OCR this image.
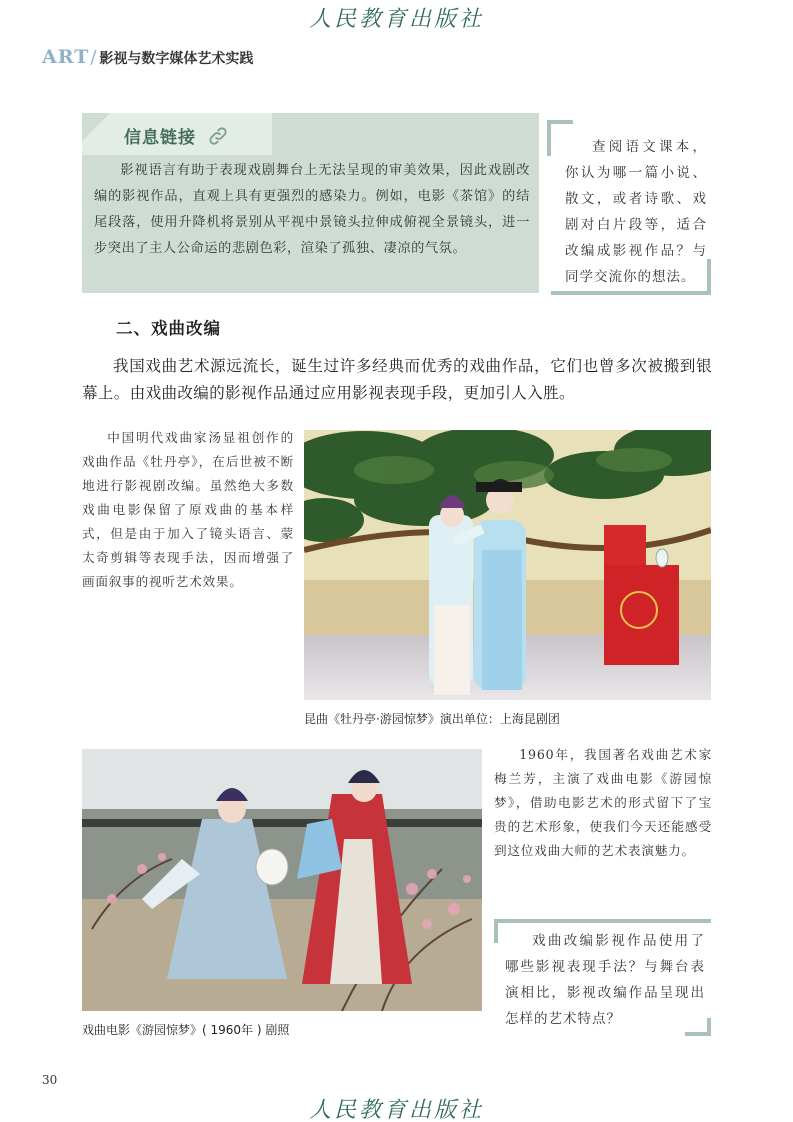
人民教育出版社
ART / 影视与数字媒体艺术实践
信息链接
影视语言有助于表现戏剧舞台上无法呈现的审美效果，因此戏剧改编的影视作品，直观上具有更强烈的感染力。例如，电影《茶馆》的结尾段落，使用升降机将景别从平视中景镜头拉伸成俯视全景镜头，进一步突出了主人公命运的悲剧色彩，渲染了孤独、凄凉的气氛。
查阅语文课本，你认为哪一篇小说、散文，或者诗歌、戏剧对白片段等，适合改编成影视作品？与同学交流你的想法。
二、戏曲改编
我国戏曲艺术源远流长，诞生过许多经典而优秀的戏曲作品，它们也曾多次被搬到银幕上。由戏曲改编的影视作品通过应用影视表现手段，更加引人入胜。
中国明代戏曲家汤显祖创作的戏曲作品《牡丹亭》，在后世被不断地进行影视剧改编。虽然绝大多数戏曲电影保留了原戏曲的基本样式，但是由于加入了镜头语言、蒙太奇剪辑等表现手法，因而增强了画面叙事的视听艺术效果。
昆曲《牡丹亭·游园惊梦》演出单位：上海昆剧团
戏曲电影《游园惊梦》( 1960年 ) 剧照
1960年，我国著名戏曲艺术家梅兰芳，主演了戏曲电影《游园惊梦》，借助电影艺术的形式留下了宝贵的艺术形象，使我们今天还能感受到这位戏曲大师的艺术表演魅力。
戏曲改编影视作品使用了哪些影视表现手法？与舞台表演相比，影视改编作品呈现出怎样的艺术特点？
30
人民教育出版社
